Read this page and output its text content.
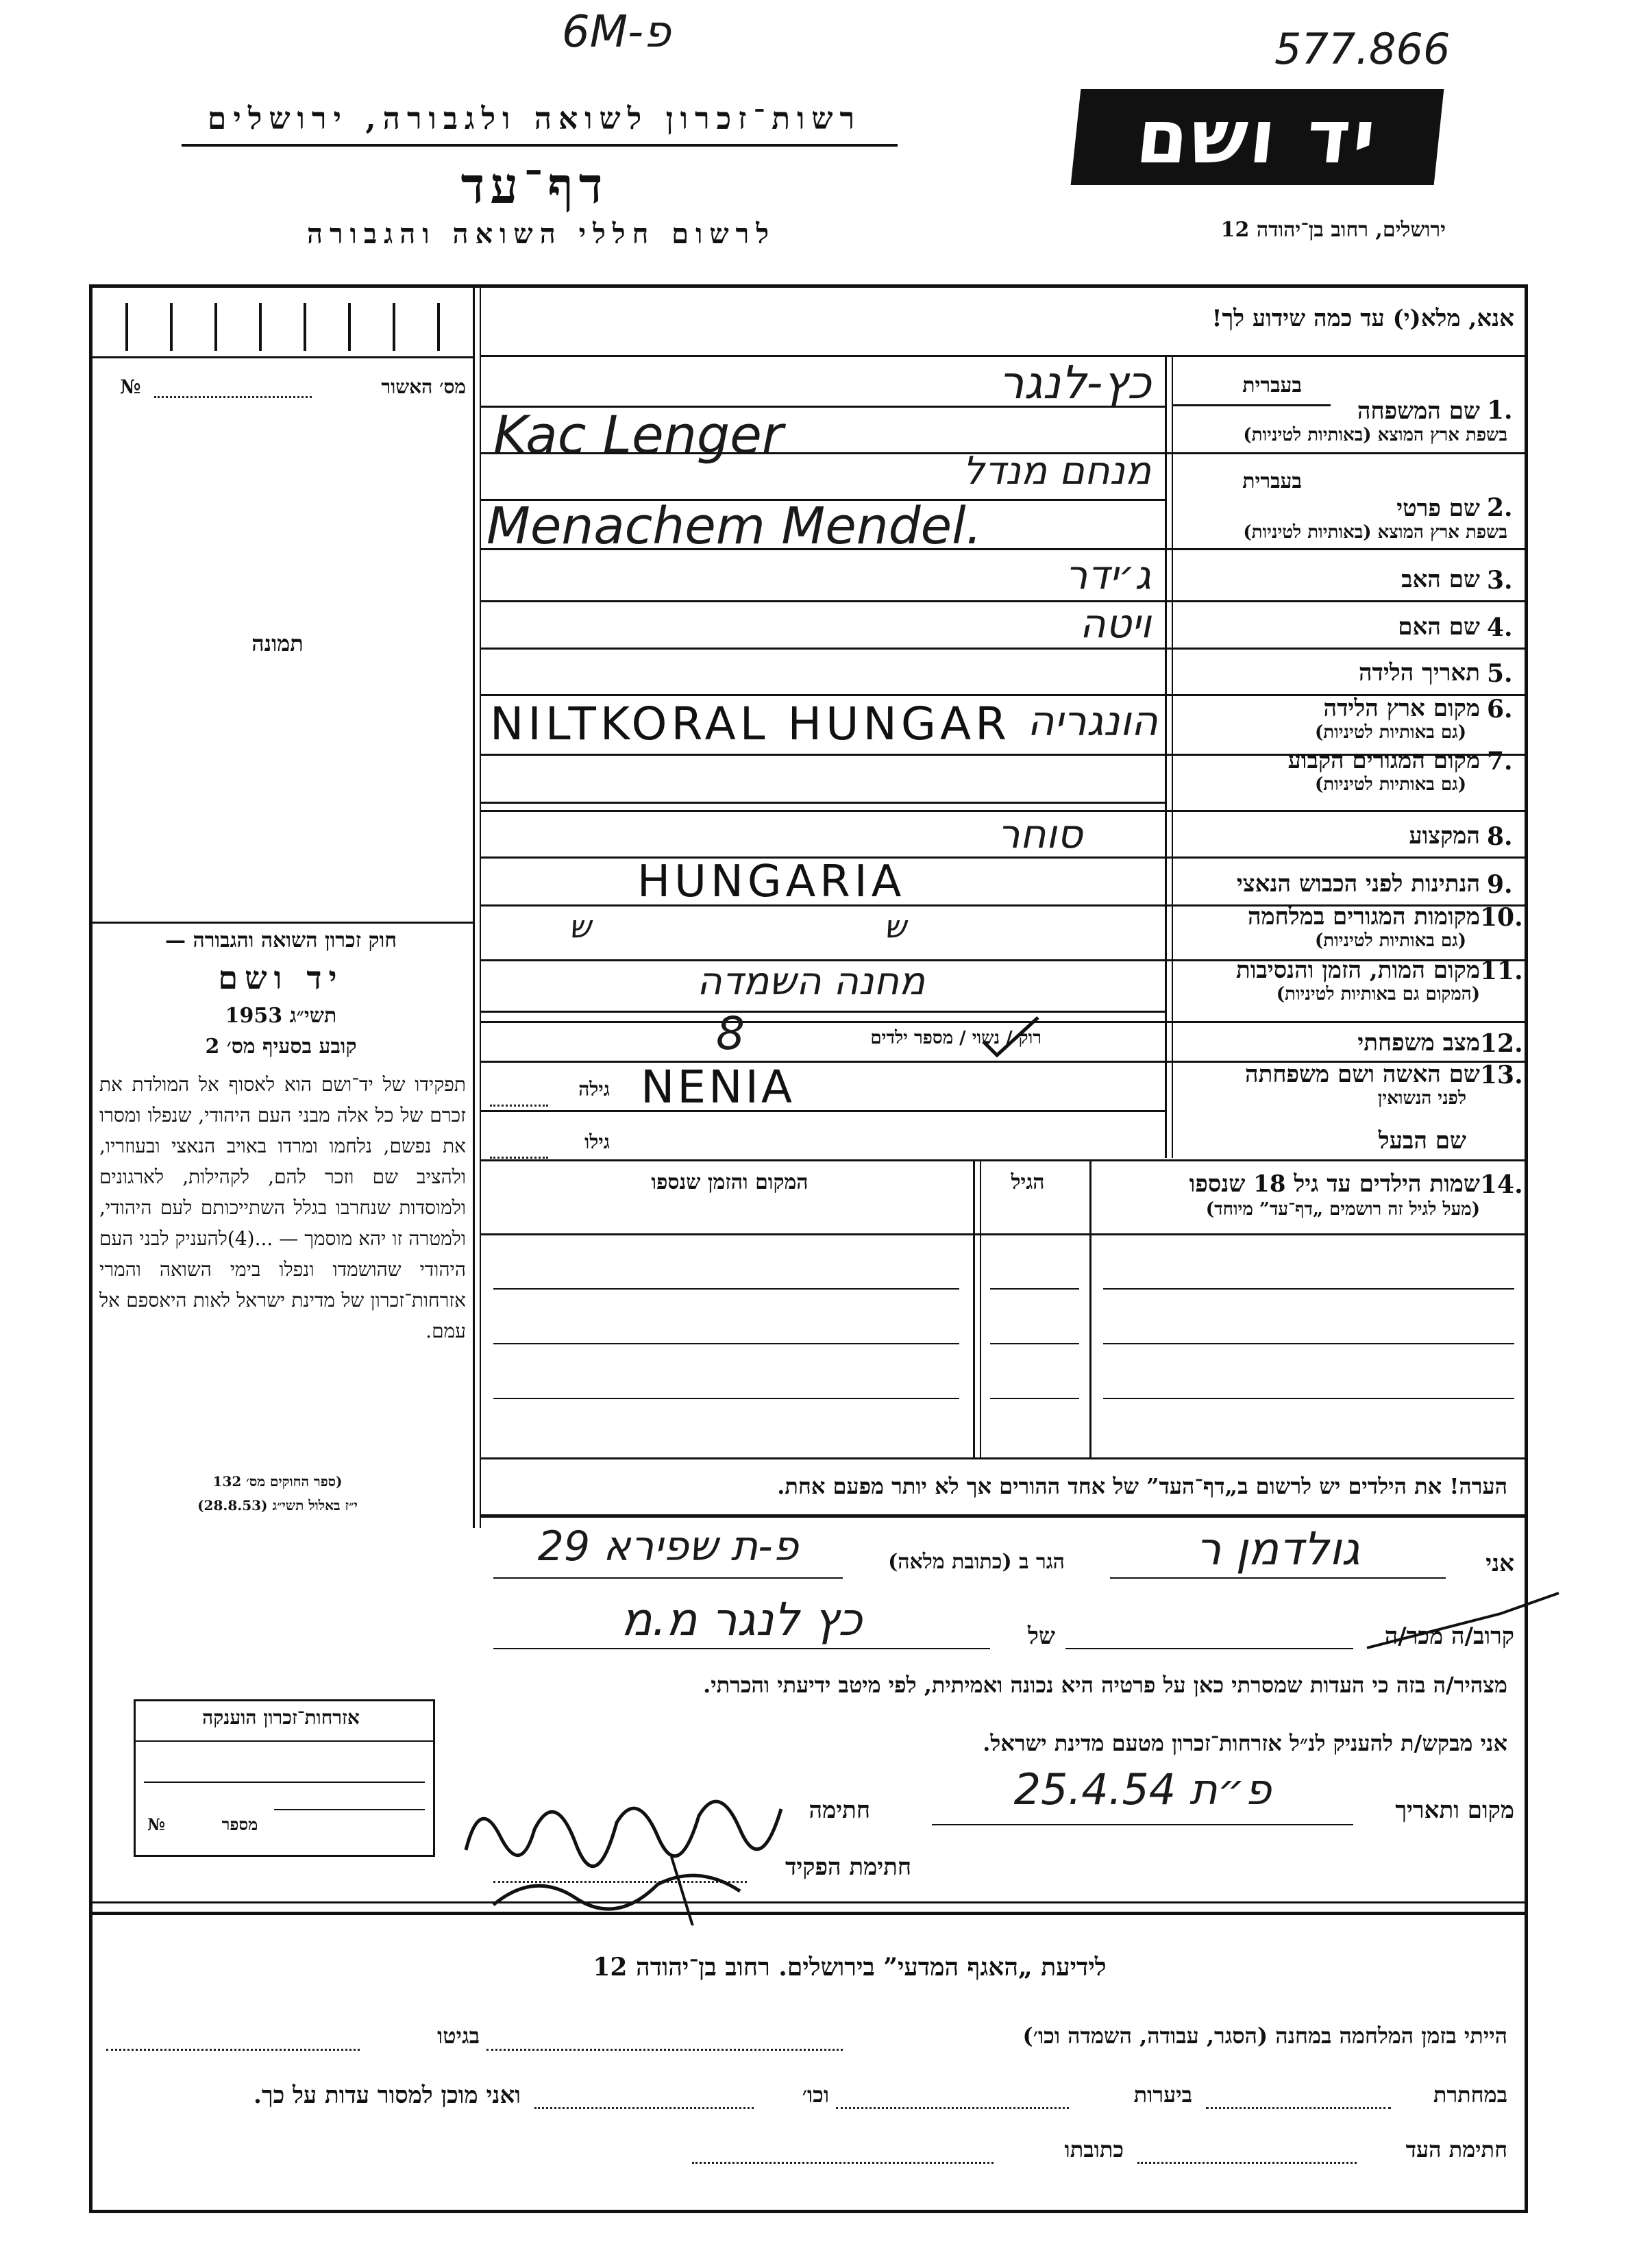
6M-פ	577.866
יד ושם
ירושלים, רחוב בן־יהודה 12
רשות־זכרון לשואה ולגבורה, ירושלים
דף־עד
לרשום חללי השואה והגבורה
מס׳ האשור
№
תמונה
אנא, מלא(י) עד כמה שידוע לך!
בעברית
שם המשפחה 1.
בשפת ארץ המוצא (באותיות לטיניות)
כץ-לנגר
Kac Lenger
בעברית
שם פרטי 2.
בשפת ארץ המוצא (באותיות לטיניות)
מנחם מנדל
Menachem Mendel.
שם האב 3.
ג׳ידר
שם האם 4.
ויטה
תאריך הלידה 5.
מקום ארץ הלידה 6.
(גם באותיות לטיניות)
NILTKORAL HUNGAR הונגריה
מקום המגורים הקבוע 7.
(גם באותיות לטיניות)
המקצוע 8.
סוחר
הנתינות לפני הכבוש הנאצי 9.
HUNGARIA
מקומות המגורים במלחמה 10.
(גם באותיות לטיניות)
ש	ש
מקום המות, הזמן והנסיבות 11.
(המקום גם באותיות לטיניות)
מחנה השמדה
מצב משפחתי 12.
רוק / נשוי / מספר ילדים
8
שם האשה ושם משפחתה 13.
לפני הנשואין
גילה NENIA
שם הבעל
גילו
שמות הילדים עד גיל 18 שנספו 14.
(מעל לגיל זה רושמים „דף־עד” מיוחד)
הגיל
המקום והזמן שנספו
הערה! את הילדים יש לרשום ב„דף־העד” של אחד ההורים אך לא יותר מפעם אחת.
חוק זכרון השואה והגבורה —
יד ושם
תשי״ג 1953
קובע בסעיף מס׳ 2
תפקידו של יד־ושם הוא לאסוף אל המולדת את זכרם של כל אלה מבני העם היהודי, שנפלו ומסרו את נפשם, נלחמו ומרדו באויב הנאצי ובעוזריו, ולהציב שם וזכר להם, לקהילות, לארגונים ולמוסדות שנחרבו בגלל השתייכותם לעם היהודי, ולמטרה זו יהא מוסמך — ...(4)להעניק לבני העם היהודי שהושמדו ונפלו בימי השואה והמרי אזרחות־זכרון של מדינת ישראל לאות היאספם אל עמם.
(ספר החוקים מס׳ 132
י״ז באלול תשי״ג (28.8.53)
אני
גולדמן ר
הגר ב (כתובת מלאה)
פ-ת שפירא 29
קרוב/ה מכר/ה
של
כץ לנגר מ.מ
מצהיר/ה בזה כי העדות שמסרתי כאן על פרטיה היא נכונה ואמיתית, לפי מיטב ידיעתי והכרתי.
אני מבקש/ת להעניק לנ״ל אזרחות־זכרון מטעם מדינת ישראל.
מקום ותאריך
פ״ת 25.4.54
חתימה
חתימת הפקיד
אזרחות־זכרון הוענקה
מספר
№
לידיעת „האגף המדעי” בירושלים. רחוב בן־יהודה 12
הייתי בזמן המלחמה במחנה (הסגר, עבודה, השמדה וכו׳)
בגיטו
במחתרת
ביערות
וכו׳
ואני מוכן למסור עדות על כך.
חתימת העד
כתובתו
